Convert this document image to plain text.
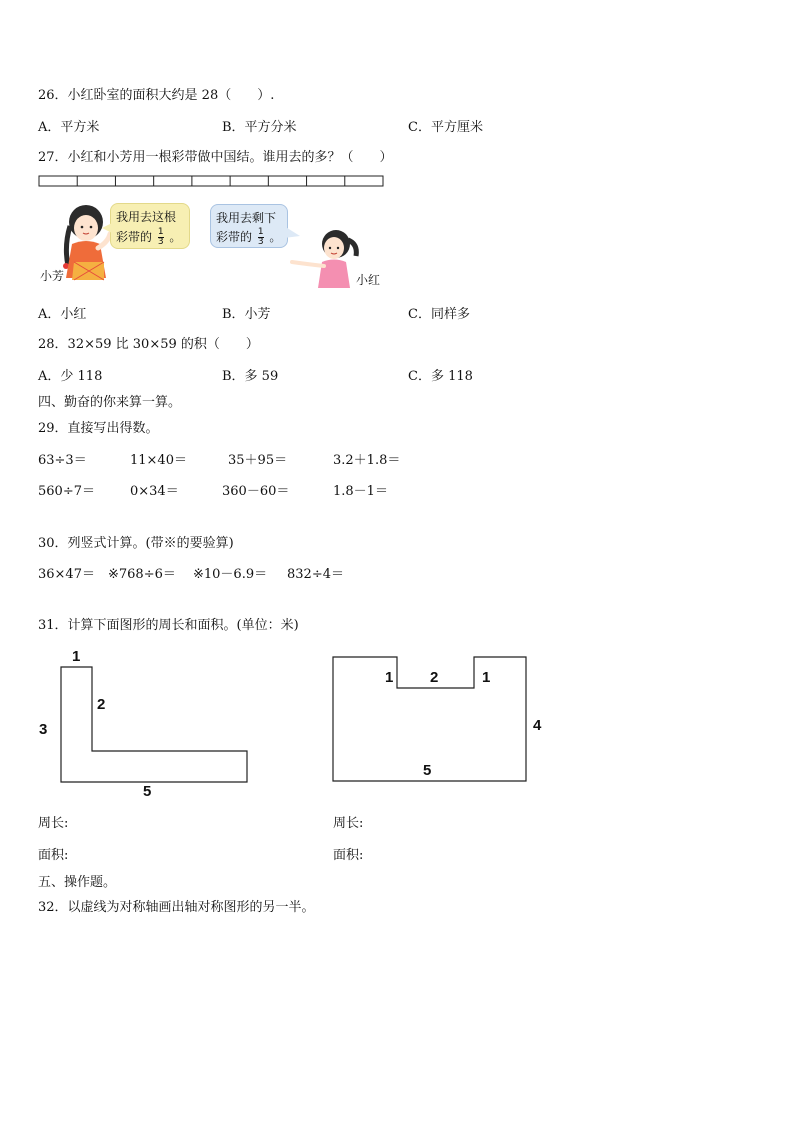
26．小红卧室的面积大约是 28（　　）.
A．平方米	B．平方分米	C．平方厘米
27．小红和小芳用一根彩带做中国结。谁用去的多？（　　）
小芳
我用去这根
彩带的 $\frac{1}{3}$ 。
我用去剩下
彩带的 $\frac{1}{3}$ 。
小红
A．小红	B．小芳	C．同样多
28．32×59 比 30×59 的积（　　）
A．少 118	B．多 59	C．多 118
四、勤奋的你来算一算。
29．直接写出得数。
63÷3＝	11×40＝	35＋95＝	3.2＋1.8＝
560÷7＝	0×34＝	360－60＝	1.8－1＝
30．列竖式计算。(带※的要验算)
36×47＝ ※768÷6＝ ※10－6.9＝ 832÷4＝
31．计算下面图形的周长和面积。(单位：米)
1
2
3
5
1 2	1
4
5
周长:	周长:
面积:	面积:
五、操作题。
32．以虚线为对称轴画出轴对称图形的另一半。
